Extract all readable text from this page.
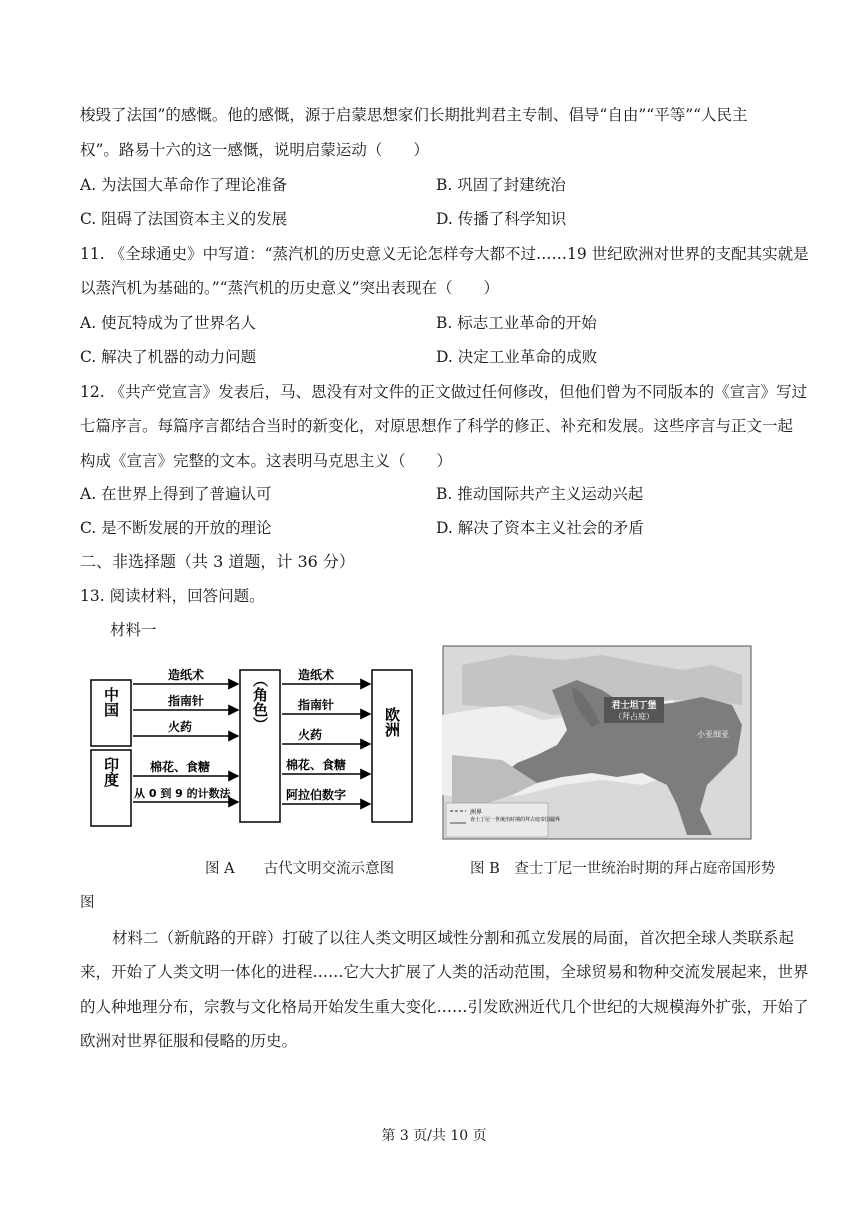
梭毁了法国”的感慨。他的感慨，源于启蒙思想家们长期批判君主专制、倡导“自由”“平等”“人民主
权”。路易十六的这一感慨，说明启蒙运动（　　）
A. 为法国大革命作了理论准备	B. 巩固了封建统治
C. 阻碍了法国资本主义的发展	D. 传播了科学知识
11. 《全球通史》中写道：“蒸汽机的历史意义无论怎样夸大都不过……19 世纪欧洲对世界的支配其实就是
以蒸汽机为基础的。”“蒸汽机的历史意义”突出表现在（　　）
A. 使瓦特成为了世界名人	B. 标志工业革命的开始
C. 解决了机器的动力问题	D. 决定工业革命的成败
12. 《共产党宣言》发表后，马、恩没有对文件的正文做过任何修改，但他们曾为不同版本的《宣言》写过
七篇序言。每篇序言都结合当时的新变化，对原思想作了科学的修正、补充和发展。这些序言与正文一起
构成《宣言》完整的文本。这表明马克思主义（　　）
A. 在世界上得到了普遍认可	B. 推动国际共产主义运动兴起
C. 是不断发展的开放的理论	D. 解决了资本主义社会的矛盾
二、非选择题（共 3 道题，计 36 分）
13. 阅读材料，回答问题。
材料一
中国
印度
（角色）	欧洲
造纸术
指南针
火药
棉花、食糖
从 0 到 9 的计数法
造纸术
指南针
火药
棉花、食糖
阿拉伯数字
君士坦丁堡
（拜占庭）
小亚细亚
洲界
查士丁尼一世统治时期的拜占庭帝国疆界
图 A　　古代文明交流示意图	图 B　查士丁尼一世统治时期的拜占庭帝国形势
图
材料二（新航路的开辟）打破了以往人类文明区域性分割和孤立发展的局面，首次把全球人类联系起
来，开始了人类文明一体化的进程……它大大扩展了人类的活动范围，全球贸易和物种交流发展起来，世界
的人种地理分布，宗教与文化格局开始发生重大变化……引发欧洲近代几个世纪的大规模海外扩张，开始了
欧洲对世界征服和侵略的历史。
第 3 页/共 10 页
